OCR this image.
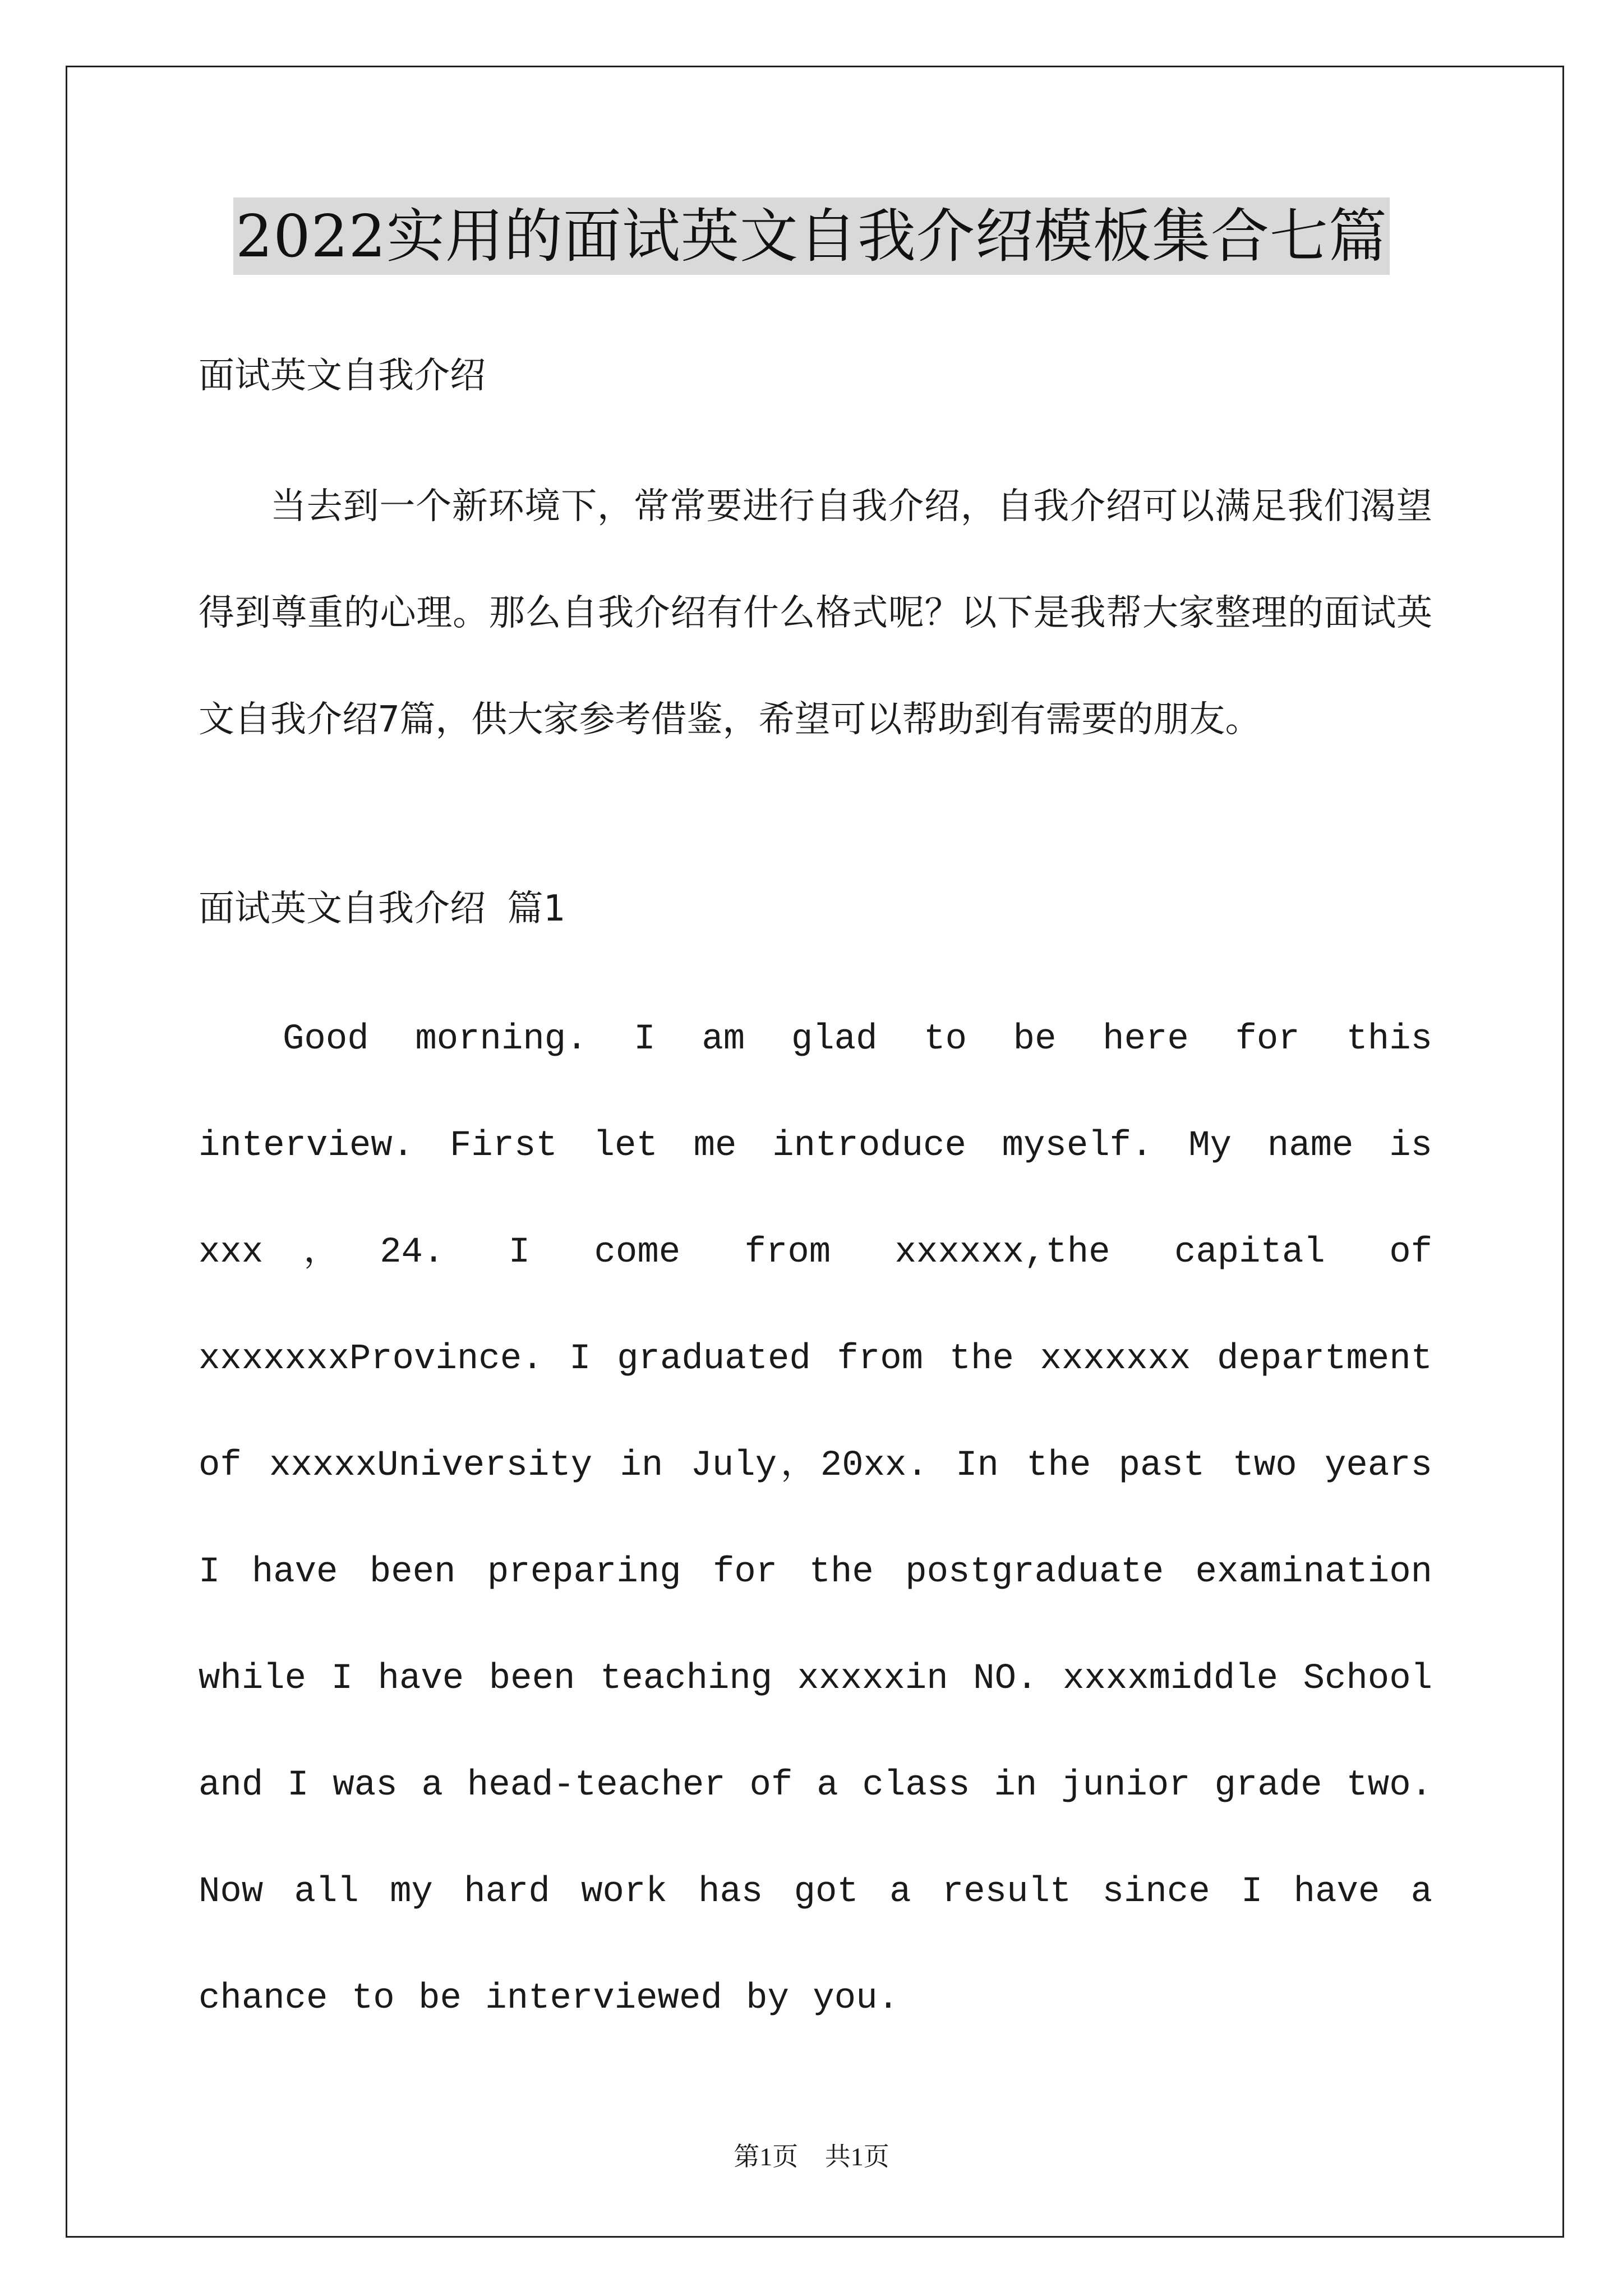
2022实用的面试英文自我介绍模板集合七篇

面试英文自我介绍

当去到一个新环境下，常常要进行自我介绍，自我介绍可以满足我们渴望得到尊重的心理。那么自我介绍有什么格式呢？以下是我帮大家整理的面试英文自我介绍7篇，供大家参考借鉴，希望可以帮助到有需要的朋友。

面试英文自我介绍 篇1

Good morning. I am glad to be here for this interview. First let me introduce myself. My name is xxx，24. I come from xxxxxx,the capital of xxxxxxxProvince. I graduated from the xxxxxxx department of xxxxxUniversity in July，20xx. In the past two years I have been preparing for the postgraduate examination while I have been teaching xxxxxin NO. xxxxmiddle School and I was a head-teacher of a class in junior grade two. Now all my hard work has got a result since I have a chance to be interviewed by you.

第1页 共1页
